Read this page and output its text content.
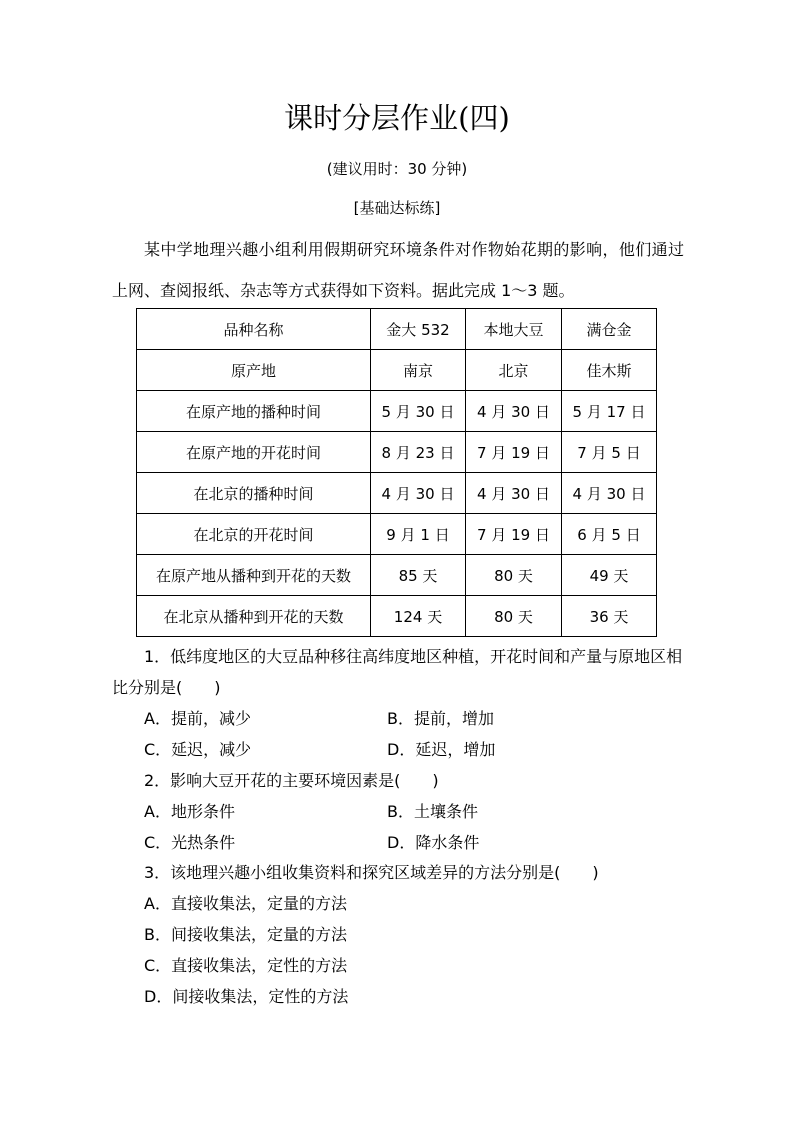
课时分层作业(四)
(建议用时：30 分钟)
[基础达标练]
某中学地理兴趣小组利用假期研究环境条件对作物始花期的影响，他们通过上网、查阅报纸、杂志等方式获得如下资料。据此完成 1～3 题。
品种名称	金大 532	本地大豆	满仓金
原产地	南京	北京	佳木斯
在原产地的播种时间	5 月 30 日	4 月 30 日	5 月 17 日
在原产地的开花时间	8 月 23 日	7 月 19 日	7 月 5 日
在北京的播种时间	4 月 30 日	4 月 30 日	4 月 30 日
在北京的开花时间	9 月 1 日	7 月 19 日	6 月 5 日
在原产地从播种到开花的天数	85 天	80 天	49 天
在北京从播种到开花的天数	124 天	80 天	36 天

1．低纬度地区的大豆品种移往高纬度地区种植，开花时间和产量与原地区相比分别是(　　)

A．提前，减少	B．提前，增加
C．延迟，减少	D．延迟，增加

2．影响大豆开花的主要环境因素是(　　)

A．地形条件	B．土壤条件
C．光热条件	D．降水条件

3．该地理兴趣小组收集资料和探究区域差异的方法分别是(　　)

A．直接收集法，定量的方法
B．间接收集法，定量的方法
C．直接收集法，定性的方法
D．间接收集法，定性的方法
